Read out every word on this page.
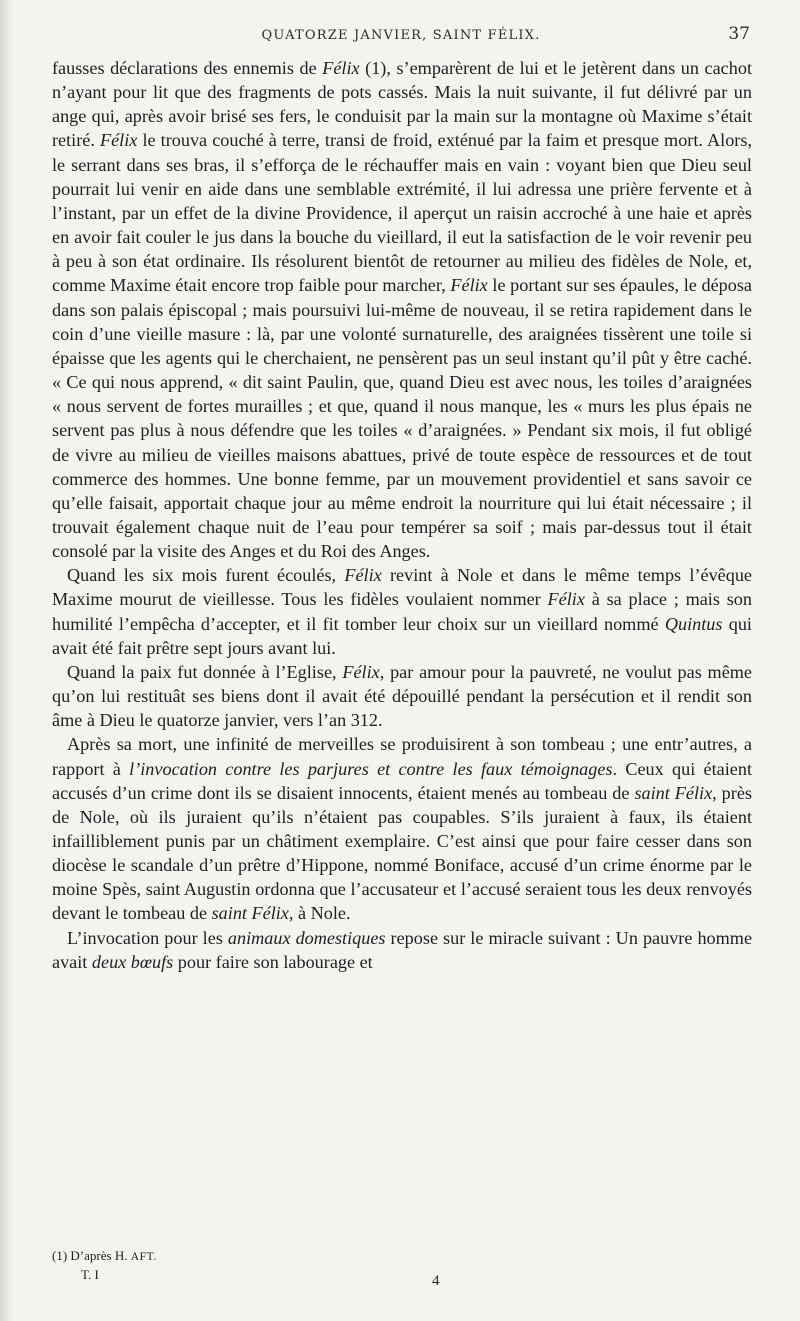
QUATORZE JANVIER, SAINT FÉLIX.	37

fausses déclarations des ennemis de Félix (1), s’emparèrent de lui et le jetèrent dans un cachot n’ayant pour lit que des fragments de pots cassés. Mais la nuit suivante, il fut délivré par un ange qui, après avoir brisé ses fers, le conduisit par la main sur la montagne où Maxime s’était retiré. Félix le trouva couché à terre, transi de froid, exténué par la faim et presque mort. Alors, le serrant dans ses bras, il s’efforça de le réchauffer mais en vain : voyant bien que Dieu seul pourrait lui venir en aide dans une semblable extrémité, il lui adressa une prière fervente et à l’instant, par un effet de la divine Providence, il aperçut un raisin accroché à une haie et après en avoir fait couler le jus dans la bouche du vieillard, il eut la satisfaction de le voir revenir peu à peu à son état ordinaire. Ils résolurent bientôt de retourner au milieu des fidèles de Nole, et, comme Maxime était encore trop faible pour marcher, Félix le portant sur ses épaules, le déposa dans son palais épiscopal ; mais poursuivi lui-même de nouveau, il se retira rapidement dans le coin d’une vieille masure : là, par une volonté surnaturelle, des araignées tissèrent une toile si épaisse que les agents qui le cherchaient, ne pensèrent pas un seul instant qu’il pût y être caché. « Ce qui nous apprend, « dit saint Paulin, que, quand Dieu est avec nous, les toiles d’araignées « nous servent de fortes murailles ; et que, quand il nous manque, les « murs les plus épais ne servent pas plus à nous défendre que les toiles « d’araignées. » Pendant six mois, il fut obligé de vivre au milieu de vieilles maisons abattues, privé de toute espèce de ressources et de tout commerce des hommes. Une bonne femme, par un mouvement providentiel et sans savoir ce qu’elle faisait, apportait chaque jour au même endroit la nourriture qui lui était nécessaire ; il trouvait également chaque nuit de l’eau pour tempérer sa soif ; mais par-dessus tout il était consolé par la visite des Anges et du Roi des Anges.

Quand les six mois furent écoulés, Félix revint à Nole et dans le même temps l’évêque Maxime mourut de vieillesse. Tous les fidèles voulaient nommer Félix à sa place ; mais son humilité l’empêcha d’accepter, et il fit tomber leur choix sur un vieillard nommé Quintus qui avait été fait prêtre sept jours avant lui.

Quand la paix fut donnée à l’Eglise, Félix, par amour pour la pauvreté, ne voulut pas même qu’on lui restituât ses biens dont il avait été dépouillé pendant la persécution et il rendit son âme à Dieu le quatorze janvier, vers l’an 312.

Après sa mort, une infinité de merveilles se produisirent à son tombeau ; une entr’autres, a rapport à l’invocation contre les parjures et contre les faux témoignages. Ceux qui étaient accusés d’un crime dont ils se disaient innocents, étaient menés au tombeau de saint Félix, près de Nole, où ils juraient qu’ils n’étaient pas coupables. S’ils juraient à faux, ils étaient infailliblement punis par un châtiment exemplaire. C’est ainsi que pour faire cesser dans son diocèse le scandale d’un prêtre d’Hippone, nommé Boniface, accusé d’un crime énorme par le moine Spès, saint Augustin ordonna que l’accusateur et l’accusé seraient tous les deux renvoyés devant le tombeau de saint Félix, à Nole.

L’invocation pour les animaux domestiques repose sur le miracle suivant : Un pauvre homme avait deux bœufs pour faire son labourage et

(1) D’après H. AFT.
T. I	4
